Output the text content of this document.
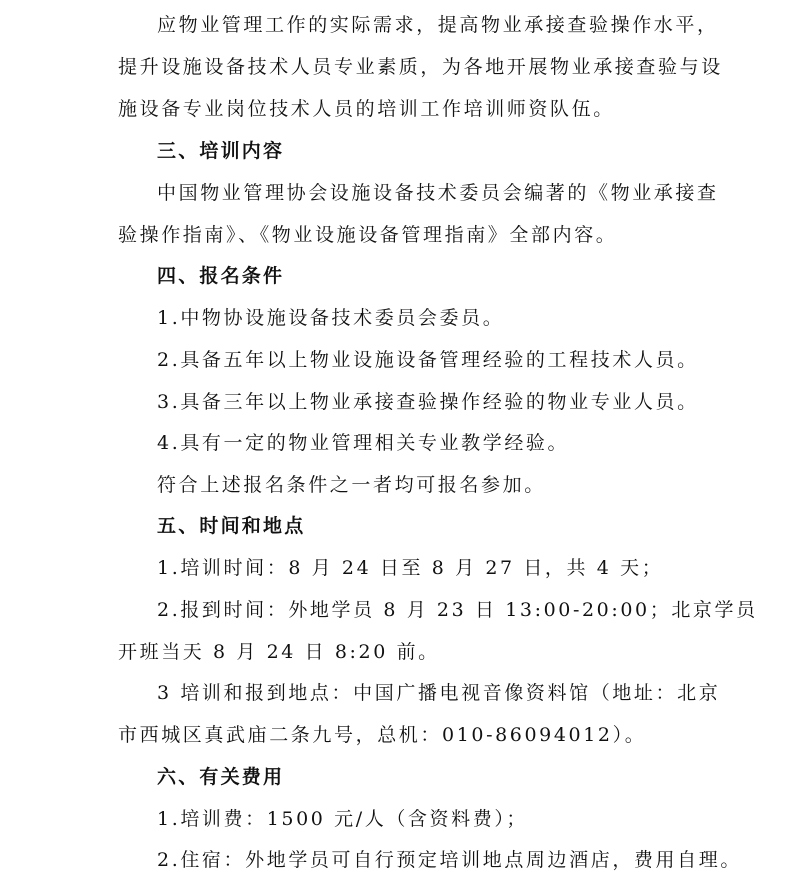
应物业管理工作的实际需求，提高物业承接查验操作水平，
提升设施设备技术人员专业素质，为各地开展物业承接查验与设
施设备专业岗位技术人员的培训工作培训师资队伍。
三、培训内容
中国物业管理协会设施设备技术委员会编著的《物业承接查
验操作指南》、《物业设施设备管理指南》全部内容。
四、报名条件
1.中物协设施设备技术委员会委员。
2.具备五年以上物业设施设备管理经验的工程技术人员。
3.具备三年以上物业承接查验操作经验的物业专业人员。
4.具有一定的物业管理相关专业教学经验。
符合上述报名条件之一者均可报名参加。
五、时间和地点
1.培训时间：8 月 24 日至 8 月 27 日，共 4 天；
2.报到时间：外地学员 8 月 23 日 13:00-20:00；北京学员
开班当天 8 月 24 日 8:20 前。
3 培训和报到地点：中国广播电视音像资料馆（地址：北京
市西城区真武庙二条九号，总机：010-86094012）。
六、有关费用
1.培训费：1500 元/人（含资料费）；
2.住宿：外地学员可自行预定培训地点周边酒店，费用自理。
